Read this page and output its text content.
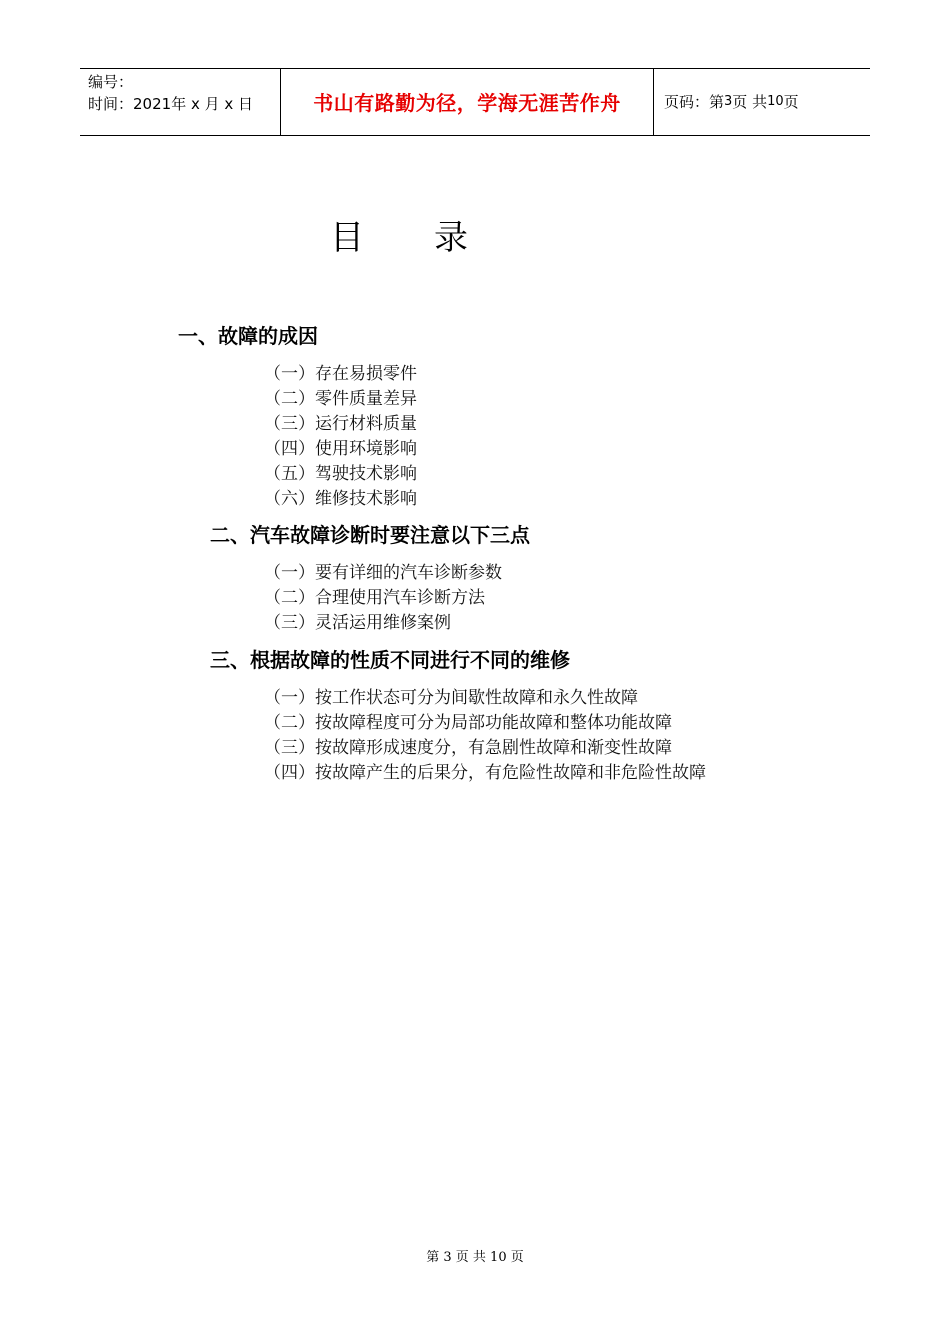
编号：
时间：2021年 x 月 x 日	书山有路勤为径，学海无涯苦作舟	页码：第 3 页 共 10 页
目 录
一、故障的成因

（一）存在易损零件

（二）零件质量差异

（三）运行材料质量

（四）使用环境影响

（五）驾驶技术影响

（六）维修技术影响

二、汽车故障诊断时要注意以下三点

（一）要有详细的汽车诊断参数

（二）合理使用汽车诊断方法

（三）灵活运用维修案例

三、根据故障的性质不同进行不同的维修

（一）按工作状态可分为间歇性故障和永久性故障

（二）按故障程度可分为局部功能故障和整体功能故障

（三）按故障形成速度分，有急剧性故障和渐变性故障

（四）按故障产生的后果分，有危险性故障和非危险性故障

第 3 页 共 10 页
